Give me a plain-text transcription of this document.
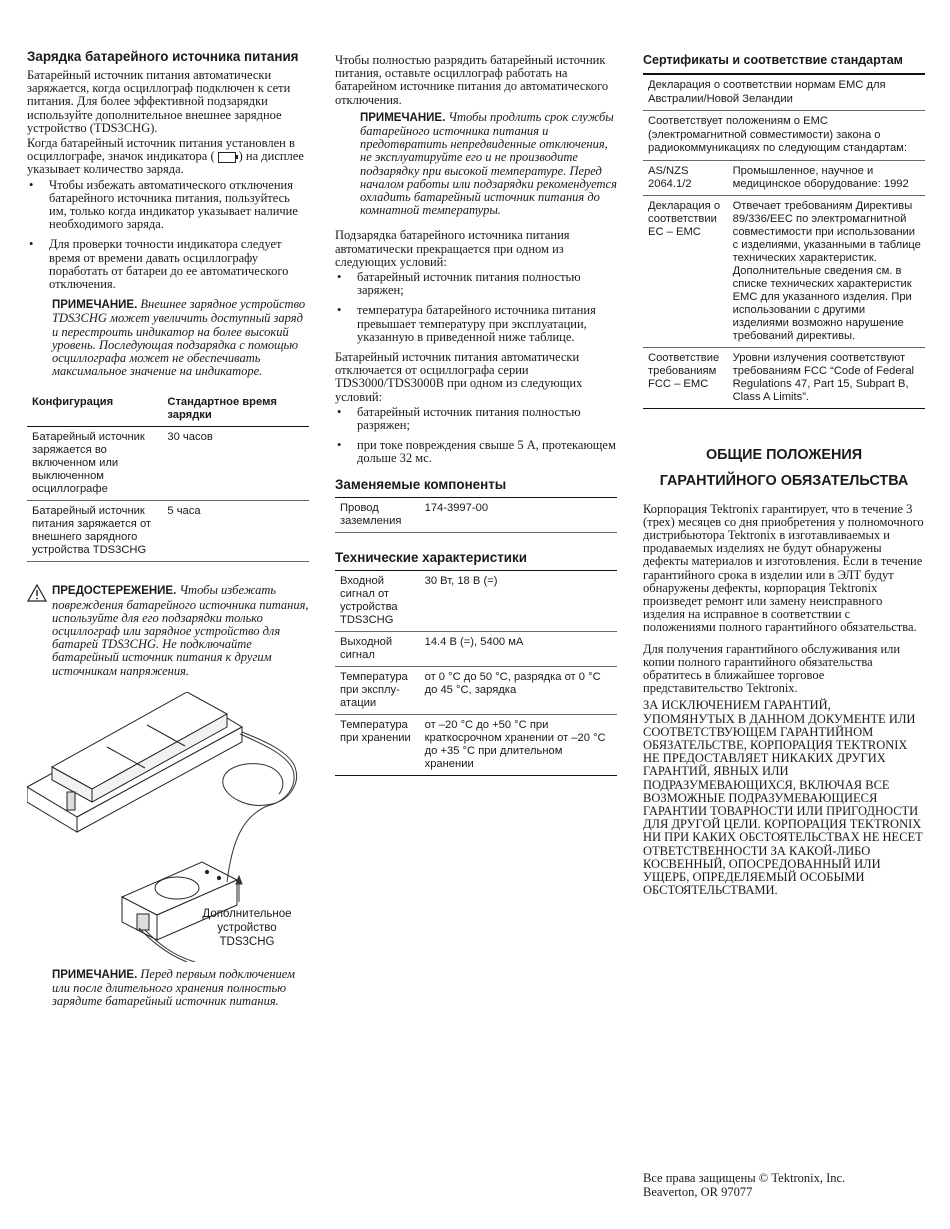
Зарядка батарейного источника питания
Батарейный источник питания автоматически заряжается, когда осциллограф подключен к сети питания. Для более эффективной подзарядки используйте дополнительное внешнее зарядное устройство (TDS3CHG).
Когда батарейный источник питания установлен в осциллографе, значок индикатора ( ) на дисплее указывает количество заряда.
• Чтобы избежать автоматического отключения батарейного источника питания, пользуйтесь им, только когда индикатор указывает наличие необходимого заряда.
• Для проверки точности индикатора следует время от времени давать осциллографу поработать от батареи до ее автоматического отключения.
ПРИМЕЧАНИЕ. Внешнее зарядное устройство TDS3CHG может увеличить доступный заряд и перестроить индикатор на более высокий уровень. Последующая подзарядка с помощью осциллографа может не обеспечивать максимальное значение на индикаторе.
Конфигурация	Стандартное время зарядки
Батарейный источник заряжается во включенном или выключенном осциллографе	30 часов
Батарейный источник питания заряжается от внешнего зарядного устройства TDS3CHG	5 часа
ПРЕДОСТЕРЕЖЕНИЕ. Чтобы избежать повреждения батарейного источника питания, используйте для его подзарядки только осциллограф или зарядное устройство для батарей TDS3CHG. Не подключайте батарейный источник питания к другим источникам напряжения.
Дополнительное устройство TDS3CHG
ПРИМЕЧАНИЕ. Перед первым подключением или после длительного хранения полностью зарядите батарейный источник питания.
Чтобы полностью разрядить батарейный источник питания, оставьте осциллограф работать на батарейном источнике питания до автоматического отключения.
ПРИМЕЧАНИЕ. Чтобы продлить срок службы батарейного источника питания и предотвратить непредвиденные отключения, не эксплуатируйте его и не производите подзарядку при высокой температуре. Перед началом работы или подзарядки рекомендуется охладить батарейный источник питания до комнатной температуры.
Подзарядка батарейного источника питания автоматически прекращается при одном из следующих условий:
• батарейный источник питания полностью заряжен;
• температура батарейного источника питания превышает температуру при эксплуатации, указанную в приведенной ниже таблице.
Батарейный источник питания автоматически отключается от осциллографа серии TDS3000/TDS3000B при одном из следующих условий:
• батарейный источник питания полностью разряжен;
• при токе повреждения свыше 5 A, протекающем дольше 32 мс.
Заменяемые компоненты
Провод заземления	174-3997-00
Технические характеристики
Входной сигнал от устройства TDS3CHG	30 Вт, 18 В (=)
Выходной сигнал	14.4 В (=), 5400 мА
Температура при эксплу-атации	от 0 °C до 50 °C, разрядка от 0 °C до 45 °C, зарядка
Температура при хранении	от –20 °C до +50 °C при краткосрочном хранении от –20 °C до +35 °C при длительном хранении
Сертификаты и соответствие стандартам
Декларация о соответствии нормам EMC для Австралии/Новой Зеландии
Соответствует положениям о EMC (электромагнитной совместимости) закона о радиокоммуникациях по следующим стандартам:
AS/NZS 2064.1/2	Промышленное, научное и медицинское оборудование: 1992
Декларация о соответствии EC – EMC	Отвечает требованиям Директивы 89/336/EEC по электромагнитной совместимости при использовании с изделиями, указанными в таблице технических характеристик. Дополнительные сведения см. в списке технических характеристик EMC для указанного изделия. При использовании с другими изделиями возможно нарушение требований директивы.
Соответствие требованиям FCC – EMC	Уровни излучения соответствуют требованиям FCC “Code of Federal Regulations 47, Part 15, Subpart B, Class A Limits”.
ОБЩИЕ ПОЛОЖЕНИЯ
ГАРАНТИЙНОГО ОБЯЗАТЕЛЬСТВА
Корпорация Tektronix гарантирует, что в течение 3 (трех) месяцев со дня приобретения у полномочного дистрибьютора Tektronix в изготавливаемых и продаваемых изделиях не будут обнаружены дефекты материалов и изготовления. Если в течение гарантийного срока в изделии или в ЭЛТ будут обнаружены дефекты, корпорация Tektronix произведет ремонт или замену неисправного изделия на исправное в соответствии с положениями полного гарантийного обязательства.
Для получения гарантийного обслуживания или копии полного гарантийного обязательства обратитесь в ближайшее торговое представительство Tektronix.
ЗА ИСКЛЮЧЕНИЕМ ГАРАНТИЙ, УПОМЯНУТЫХ В ДАННОМ ДОКУМЕНТЕ ИЛИ СООТВЕТСТВУЮЩЕМ ГАРАНТИЙНОМ ОБЯЗАТЕЛЬСТВЕ, КОРПОРАЦИЯ TEKTRONIX НЕ ПРЕДОСТАВЛЯЕТ НИКАКИХ ДРУГИХ ГАРАНТИЙ, ЯВНЫХ ИЛИ ПОДРАЗУМЕВАЮЩИХСЯ, ВКЛЮЧАЯ ВСЕ ВОЗМОЖНЫЕ ПОДРАЗУМЕВАЮЩИЕСЯ ГАРАНТИИ ТОВАРНОСТИ ИЛИ ПРИГОДНОСТИ ДЛЯ ДРУГОЙ ЦЕЛИ. КОРПОРАЦИЯ TEKTRONIX НИ ПРИ КАКИХ ОБСТОЯТЕЛЬСТВАХ НЕ НЕСЕТ ОТВЕТСТВЕННОСТИ ЗА КАКОЙ-ЛИБО КОСВЕННЫЙ, ОПОСРЕДОВАННЫЙ ИЛИ УЩЕРБ, ОПРЕДЕЛЯЕМЫЙ ОСОБЫМИ ОБСТОЯТЕЛЬСТВАМИ.
Все права защищены © Tektronix, Inc.
Beaverton, OR 97077
